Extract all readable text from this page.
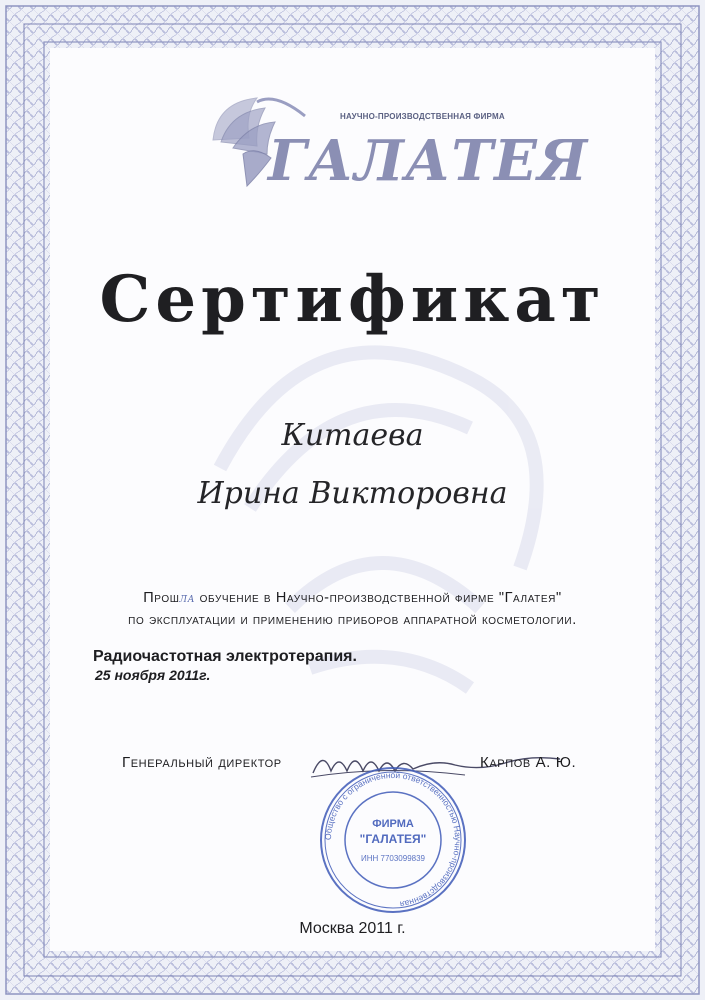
НАУЧНО-ПРОИЗВОДСТВЕННАЯ ФИРМА
ГАЛАТЕЯ
Сертификат
Китаева
Ирина Викторовна
Прошла обучение в Научно-производственной фирме "Галатея"
по эксплуатации и применению приборов аппаратной косметологии.
Радиочастотная электротерапия.
25 ноября 2011г.
Генеральный директор	Карпов А. Ю.
Общество с ограниченной ответственностью Научно-производственная
ФИРМА
"ГАЛАТЕЯ"
ИНН 7703099839
Москва 2011 г.
